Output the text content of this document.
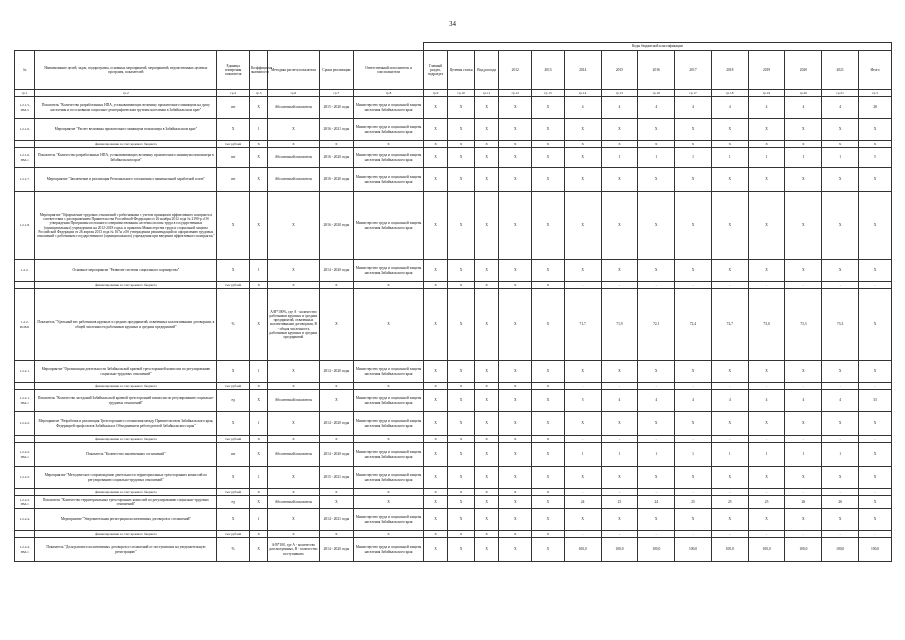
34
							Коды бюджетной классификации													
№	Наименование целей, задач, подпрограмм, основных мероприятий, мероприятий, ведомственных целевых программ, показателей	Единица измерения показателя	Коэффициент значимости	Методика расчета показателя	Сроки реализации	Ответственный исполнитель и соисполнители	Главный раздел, подраздел	Целевая статья	Вид расхода	2012	2013	2014	2015	2016	2017	2018	2019	2020	2021	Итого
гр.1	гр.2	гр.4	гр.5	гр.6	гр.7	гр.8	гр.9	гр.10	гр.11	гр.12	гр.13	гр.14	гр.15	гр.16	гр.17	гр.18	гр.19	гр.20	гр.21	гр.3
1.2.1.5. ПМ-5	Показатель "Количество разработанных НПА, устанавливающих величину прожиточного минимума на душу населения и по основным социально-демографическим группам населения в Забайкальском крае"	шт	Х	Абсолютный показатель	2015 - 2020 годы	Министерство труда и социальной защиты населения Забайкальского края	Х	Х	Х	Х	Х	4	4	4	4	4	4	4	4	28
1.2.1.6.	Мероприятие "Расчет величины прожиточного минимума пенсионера в Забайкальском крае"	Х	1	Х	2016 - 2021 годы	Министерство труда и социальной защиты населения Забайкальского края	Х	Х	Х	Х	Х	Х	Х	Х	Х	Х	Х	Х	Х	Х
	финансирование за счет краевого бюджета	тыс рублей	Х	Х	Х	Х	Х	Х	Х	Х	Х	Х	Х	Х	Х	Х	Х	Х	Х	Х
1.2.1.6. ПМ-1	Показатель "Количество разработанных НПА, устанавливающих величину прожиточного минимума пенсионера в Забайкальском крае"	шт	Х	Абсолютный показатель	2016 - 2020 годы	Министерство труда и социальной защиты населения Забайкальского края	Х	Х	Х	Х	Х	Х	1	1	1	1	1	1	1	5
1.2.1.7.	Мероприятие "Заключение и реализация Регионального соглашения о минимальной заработной плате"	шт	Х	Абсолютный показатель	2016 - 2020 годы	Министерство труда и социальной защиты населения Забайкальского края	Х	Х	Х	Х	Х	Х	Х	Х	Х	Х	Х	Х	Х	Х
1.2.1.8.	Мероприятие "Оформление трудовых отношений с работниками с учетом принципов эффективного контракта в соответствии с распоряжением Правительства Российской Федерации от 26 ноября 2012 года № 2190-р «Об утверждении Программы поэтапного совершенствования системы оплаты труда в государственных (муниципальных) учреждениях на 2012-2018 годы» и приказом Министерства труда и социальной защиты Российской Федерации от 26 апреля 2013 года № 167н «Об утверждении рекомендаций по оформлению трудовых отношений с работником государственного (муниципального) учреждения при введении эффективного контракта»"	Х	Х	Х	2016 - 2020 годы	Министерство труда и социальной защиты населения Забайкальского края	Х	Х	Х	Х	Х	Х	Х	Х	Х	Х	Х	Х	Х	Х
1.2.2.	Основное мероприятие "Развитие системы социального партнерства"	Х	1	Х	2014 - 2020 годы	Министерство труда и социальной защиты населения Забайкальского края	Х	Х	Х	Х	Х	Х	Х	Х	Х	Х	Х	Х	Х	Х
	финансирование за счет краевого бюджета	тыс рублей	Х	Х	Х	Х	Х	Х	Х	Х	Х	-	-	-	-	-	-	-	-	-
1.2.2. ПОМ1	Показатель "Удельный вес работников крупных и средних предприятий, охваченных коллективными договорами, в общей численности работников крупных и средних предприятий"	%	Х	А/В*100%, где А - количество работников крупных и средних предприятий, охваченных коллективными договорами, В - общая численность работников крупных и средних предприятий	Х	Х	Х	Х	Х	Х	Х	71,7	71,9	72,1	72,4	72,7	73,0	73,3	73,3	Х
1.2.2.1.	Мероприятие "Организация деятельности Забайкальской краевой трехсторонней комиссии по регулированию социально-трудовых отношений"	Х	1	Х	2014 - 2020 годы	Министерство труда и социальной защиты населения Забайкальского края	Х	Х	Х	Х	Х	Х	Х	Х	Х	Х	Х	Х	Х	Х
	финансирование за счет краевого бюджета	тыс рублей	Х	Х	Х	Х	Х	Х	Х	Х	Х	-	-	-	-	-	-	-	-	-
1.2.2.1. ПМ-1	Показатель "Количество заседаний Забайкальской краевой трехсторонней комиссии по регулированию социально-трудовых отношений"	ед	Х	Абсолютный показатель	Х	Министерство труда и социальной защиты населения Забайкальского края	Х	Х	Х	Х	Х	5	4	4	4	4	4	4	4	33
1.2.2.2.	Мероприятие "Разработка и реализация Трехстороннего соглашения между Правительством Забайкальского края, Федерацией профсоюзов Забайкалья и Объединением работодателей Забайкальского края"	Х	1	Х	2014 - 2020 годы	Министерство труда и социальной защиты населения Забайкальского края	Х	Х	Х	Х	Х	Х	Х	Х	Х	Х	Х	Х	Х	Х
	финансирование за счет краевого бюджета	тыс рублей	Х	Х	Х	Х	Х	Х	Х	Х	Х	-	-	-	-	-	-	-	-	-
1.2.2.2. ПМ-1	Показатель "Количество заключенных соглашений"	шт	Х	Абсолютный показатель	2014 - 2020 годы	Министерство труда и социальной защиты населения Забайкальского края	Х	Х	Х	Х	Х	1	1	1	1	1	1	1	1	Х
1.2.2.3.	Мероприятие "Методическое сопровождение деятельности территориальных трехсторонних комиссий по регулированию социально-трудовых отношений"	Х	1	Х	2015 - 2021 годы	Министерство труда и социальной защиты населения Забайкальского края	Х	Х	Х	Х	Х	Х	Х	Х	Х	Х	Х	Х	Х	Х
	финансирование за счет краевого бюджета	тыс рублей	Х	Х	Х	Х	Х	Х	Х	Х	Х	-	-	-	-	-	-	-	-	-
1.2.2.3. ПМ-1	Показатель "Количество территориальных трехсторонних комиссий по регулированию социально-трудовых отношений"	ед	Х	Абсолютный показатель	Х	Х	Х	Х	Х	Х	Х	24	25	24	25	25	25	26	26	Х
1.2.2.4.	Мероприятие "Уведомительная регистрация коллективных договоров и соглашений"	Х	1	Х	2014 - 2021 годы	Министерство труда и социальной защиты населения Забайкальского края	Х	Х	Х	Х	Х	Х	Х	Х	Х	Х	Х	Х	Х	Х
	финансирование за счет краевого бюджета	тыс рублей	Х	Х	Х	Х	Х	Х	Х	Х	Х	-	-	-	-	-	-	-	-	-
1.2.2.4. ПМ-1	Показатель "Доля разового коллективных договоров и соглашений от поступивших на уведомительную регистрацию"	%	Х	А/В*100, где А - количество рассмотренных, В - количество поступивших	2014 - 2020 годы	Министерство труда и социальной защиты населения Забайкальского края	Х	Х	Х	Х	Х	100,0	100,0	100,0	100,0	100,0	100,0	100,0	100,0	100,0
